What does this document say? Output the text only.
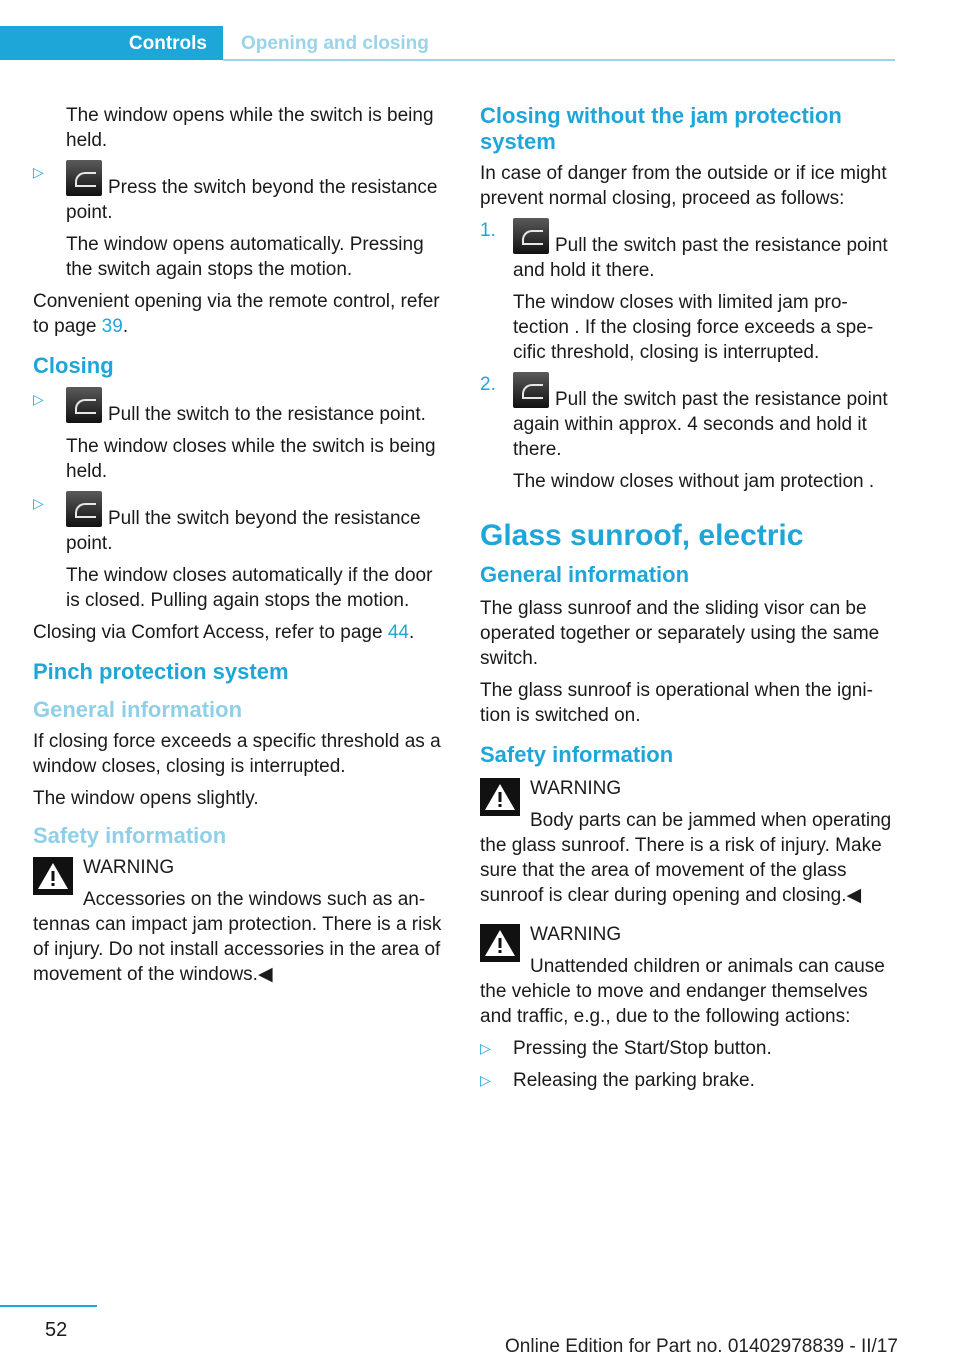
Controls Opening and closing

The window opens while the switch is being held.

▷
Press the switch beyond the resistance point.

The window opens automatically. Pressing the switch again stops the motion.

Convenient opening via the remote control, refer to page 39.

Closing
▷
Pull the switch to the resistance point.

The window closes while the switch is being held.

▷
Pull the switch beyond the resistance point.

The window closes automatically if the door is closed. Pulling again stops the motion.

Closing via Comfort Access, refer to page 44.

Pinch protection system
General information

If closing force exceeds a specific threshold as a window closes, closing is interrupted.

The window opens slightly.

Safety information

WARNING

Accessories on the windows such as antennas can impact jam protection. There is a risk of injury. Do not install accessories in the area of movement of the windows.◀

Closing without the jam protection system

In case of danger from the outside or if ice might prevent normal closing, proceed as follows:

1.
Pull the switch past the resistance point and hold it there.

The window closes with limited jam protection . If the closing force exceeds a specific threshold, closing is interrupted.

2.
Pull the switch past the resistance point again within approx. 4 seconds and hold it there.

The window closes without jam protection .

Glass sunroof, electric
General information

The glass sunroof and the sliding visor can be operated together or separately using the same switch.

The glass sunroof is operational when the ignition is switched on.

Safety information

WARNING

Body parts can be jammed when operating the glass sunroof. There is a risk of injury. Make sure that the area of movement of the glass sunroof is clear during opening and closing.◀

WARNING

Unattended children or animals can cause the vehicle to move and endanger themselves and traffic, e.g., due to the following actions:

▷ Pressing the Start/Stop button.
▷ Releasing the parking brake.
52
Online Edition for Part no. 01402978839 - II/17
